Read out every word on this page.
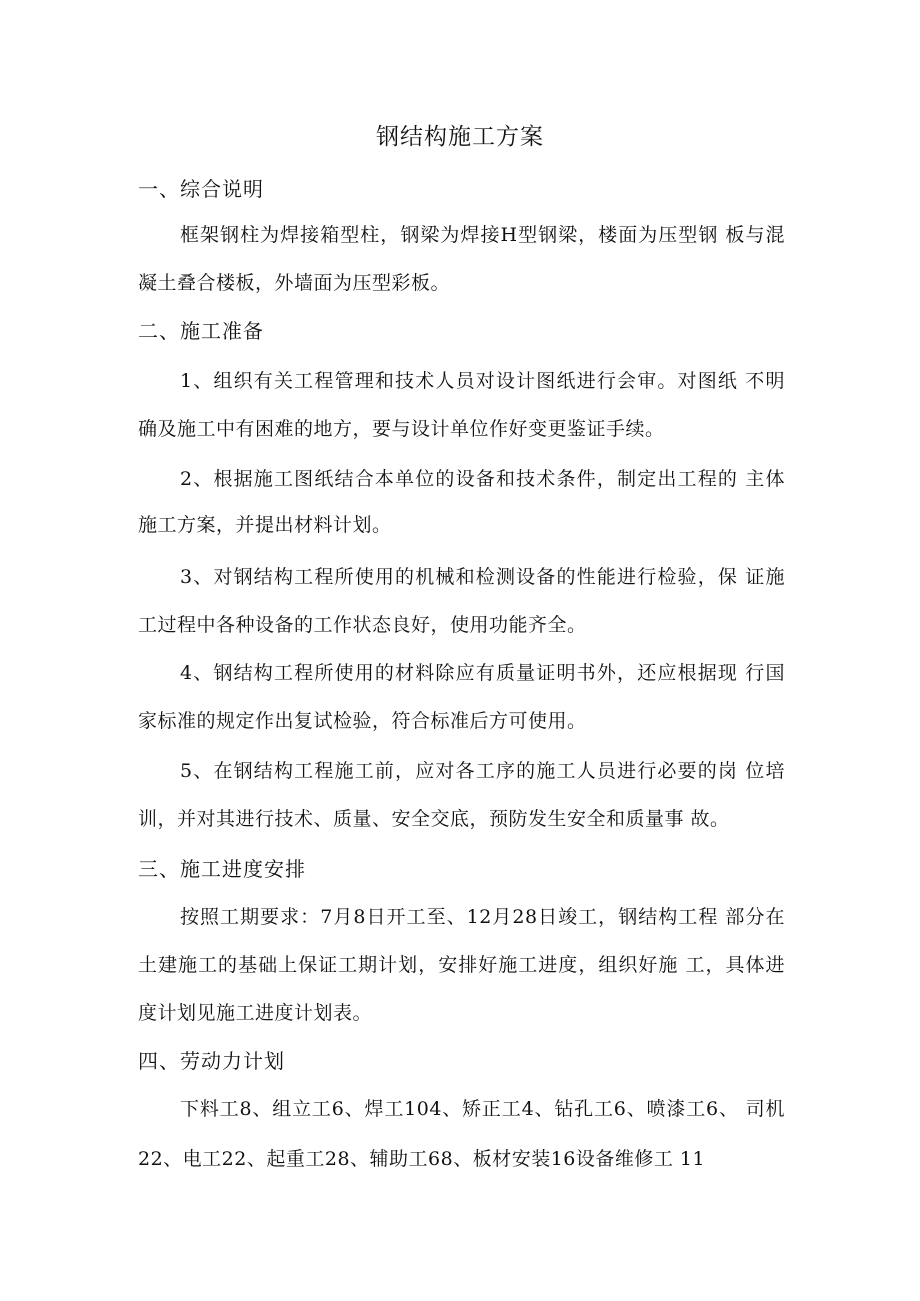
钢结构施工方案
一、综合说明
框架钢柱为焊接箱型柱，钢梁为焊接H型钢梁，楼面为压型钢 板与混
凝土叠合楼板，外墙面为压型彩板。
二、施工准备
1、组织有关工程管理和技术人员对设计图纸进行会审。对图纸 不明
确及施工中有困难的地方，要与设计单位作好变更鉴证手续。
2、根据施工图纸结合本单位的设备和技术条件，制定出工程的 主体
施工方案，并提出材料计划。
3、对钢结构工程所使用的机械和检测设备的性能进行检验，保 证施
工过程中各种设备的工作状态良好，使用功能齐全。
4、钢结构工程所使用的材料除应有质量证明书外，还应根据现 行国
家标准的规定作出复试检验，符合标准后方可使用。
5、在钢结构工程施工前，应对各工序的施工人员进行必要的岗 位培
训，并对其进行技术、质量、安全交底，预防发生安全和质量事 故。
三、施工进度安排
按照工期要求：7月8日开工至、12月28日竣工，钢结构工程 部分在
土建施工的基础上保证工期计划，安排好施工进度，组织好施 工，具体进
度计划见施工进度计划表。
四、劳动力计划
下料工8、组立工6、焊工104、矫正工4、钻孔工6、喷漆工6、 司机
22、电工22、起重工28、辅助工68、板材安装16设备维修工 11
